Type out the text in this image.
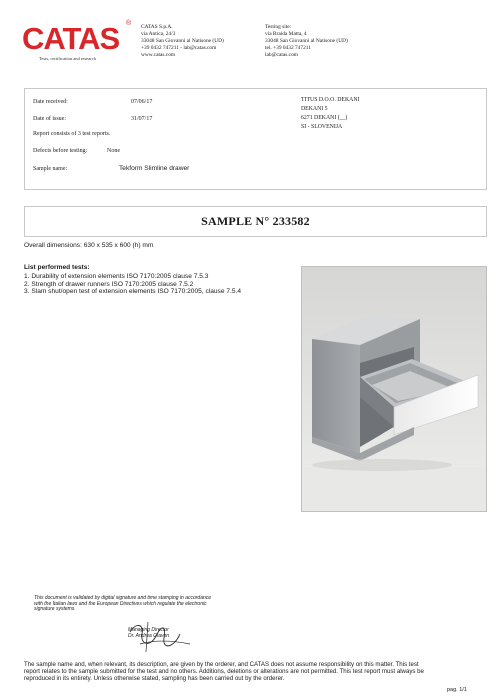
CATAS ®
Tests, certification and research
CATAS S.p.A.
via Antica, 24/3
33048 San Giovanni al Natisone (UD)
+39 0432 747211 - lab@catas.com
www.catas.com
Testing site:
via Braida Matta, 4
33048 San Giovanni al Natisone (UD)
tel. +39 0432 747211
lab@catas.com
Date received:	07/06/17
Date of issue:	31/07/17
Report consists of 3 test reports.
Defects before testing:	None
Sample name:	Tekform Slimline drawer
TITUS D.O.O. DEKANI
DEKANI 5
6271 DEKANI (__)
SI - SLOVENIJA
SAMPLE N° 233582
Overall dimensions: 630 x 535 x 600 (h) mm
List performed tests:
1. Durability of extension elements ISO 7170:2005 clause 7.5.3
2. Strength of drawer runners ISO 7170:2005 clause 7.5.2
3. Slam shut/open test of extension elements ISO 7170:2005, clause 7.5.4
This document is validated by digital signature and time stamping in accordance
with the Italian laws and the European Directives which regulate the electronic
signature systems.
Managing Director
Dr. Andrea Giavon
The sample name and, when relevant, its description, are given by the orderer, and CATAS does not assume responsibility on this matter. This test
report relates to the sample submitted for the test and no others. Additions, deletions or alterations are not permitted. This test report must always be
reproduced in its entirety. Unless otherwise stated, sampling has been carried out by the orderer.
pag. 1/1
